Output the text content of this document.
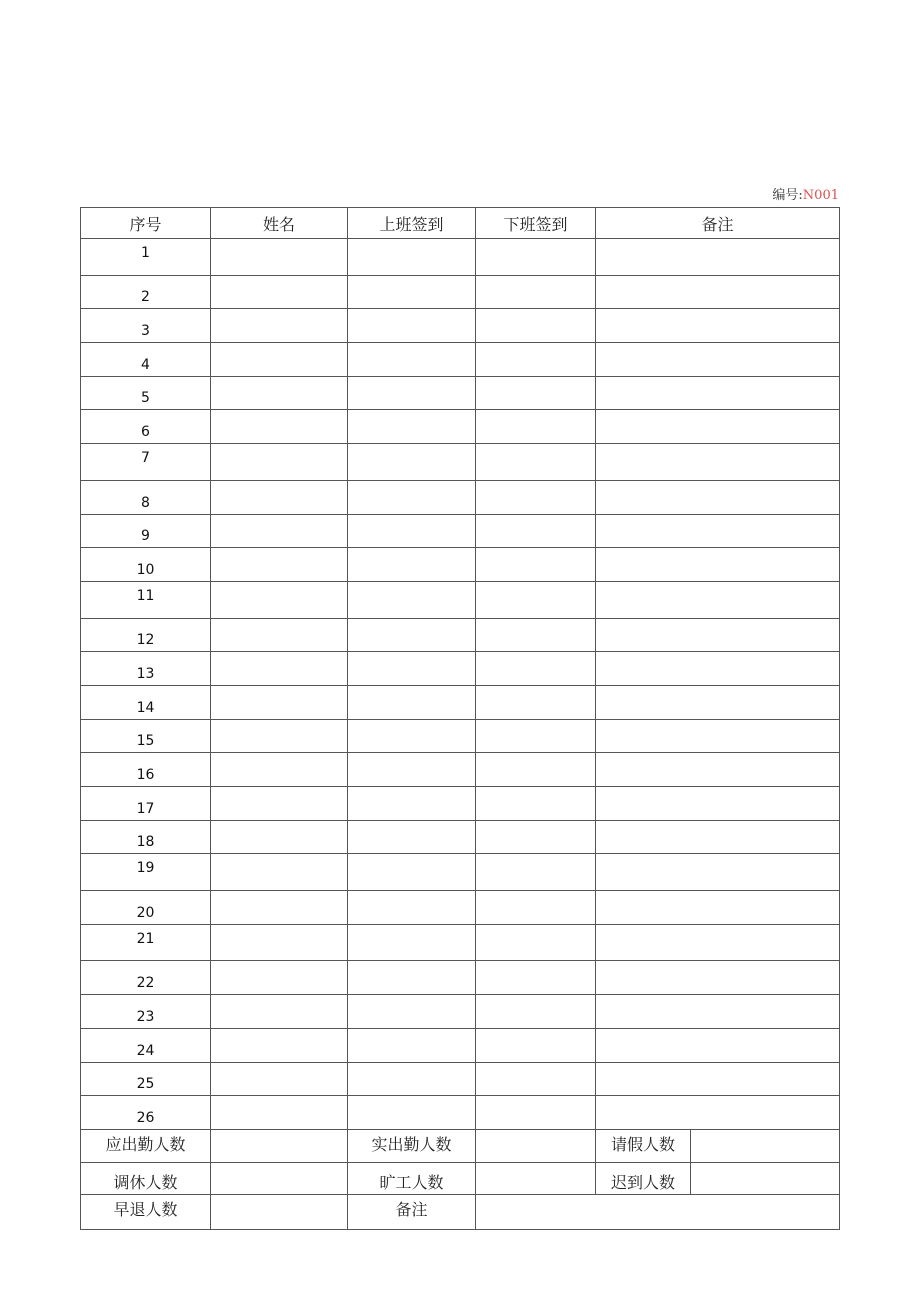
编号:N001
序号	姓名	上班签到	下班签到	备注	
1					
2					
3					
4					
5					
6					
7					
8					
9					
10					
11					
12					
13					
14					
15					
16					
17					
18					
19					
20					
21					
22					
23					
24					
25					
26					
应出勤人数		实出勤人数		请假人数	
调休人数		旷工人数		迟到人数	
早退人数		备注			
